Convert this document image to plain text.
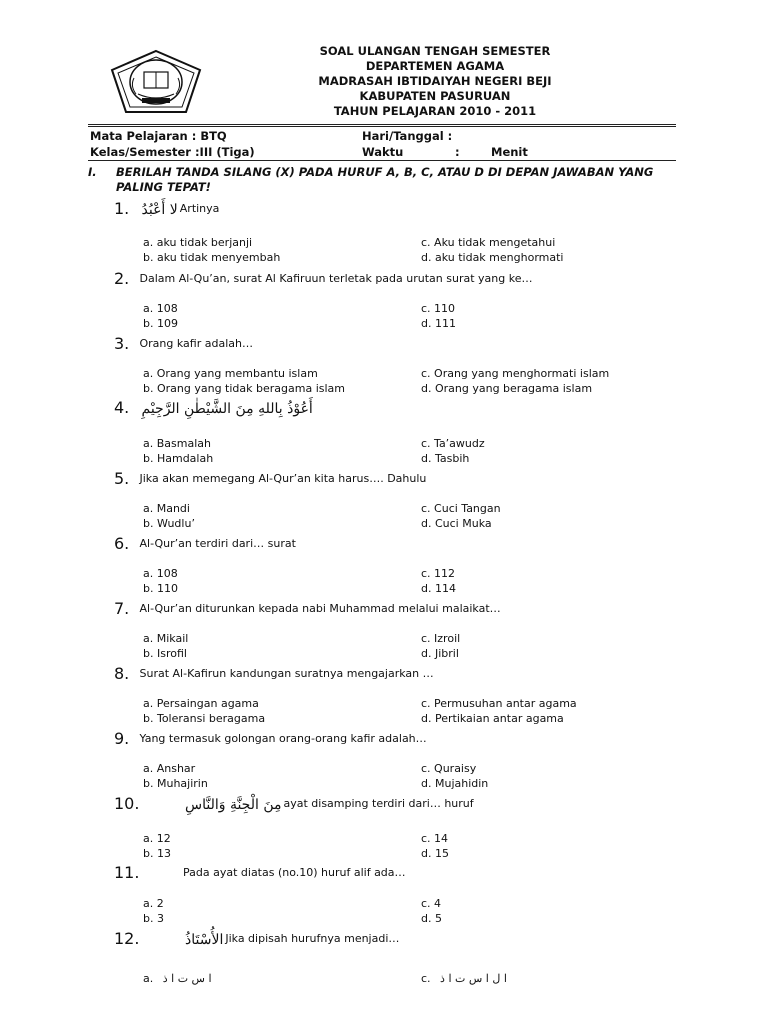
SOAL ULANGAN TENGAH SEMESTER
DEPARTEMEN AGAMA
MADRASAH IBTIDAIYAH NEGERI BEJI
KABUPATEN PASURUAN
TAHUN PELAJARAN 2010 - 2011
Mata Pelajaran : BTQ
Kelas/Semester :III (Tiga)
Hari/Tanggal :
Waktu	:	Menit
I.	BERILAH TANDA SILANG (X) PADA HURUF A, B, C, ATAU D DI DEPAN JAWABAN YANG PALING TEPAT!
1. لا أَعْبُدُ Artinya
a. aku tidak berjanji
b. aku tidak menyembah
c. Aku tidak mengetahui
d. aku tidak menghormati
2. Dalam Al-Qu’an, surat Al Kafiruun terletak pada urutan surat yang ke…
a. 108
b. 109
c. 110
d. 111
3. Orang kafir adalah…
a. Orang yang membantu islam
b. Orang yang tidak beragama islam
c. Orang yang menghormati islam
d. Orang yang beragama islam
4. أَعُوْذُ بِاللهِ مِنَ الشَّيْطٰنِ الرَّجِيْمِ
a. Basmalah
b. Hamdalah
c. Ta’awudz
d. Tasbih
5. Jika akan memegang Al-Qur’an kita harus…. Dahulu
a. Mandi
b. Wudlu’
c. Cuci Tangan
d. Cuci Muka
6. Al-Qur’an terdiri dari… surat
a. 108
b. 110
c. 112
d. 114
7. Al-Qur’an diturunkan kepada nabi Muhammad melalui malaikat…
a. Mikail
b. Isrofil
c. Izroil
d. Jibril
8. Surat Al-Kafirun kandungan suratnya mengajarkan …
a. Persaingan agama
b. Toleransi beragama
c. Permusuhan antar agama
d. Pertikaian antar agama
9. Yang termasuk golongan orang-orang kafir adalah…
a. Anshar
b. Muhajirin
c. Quraisy
d. Mujahidin
10.	مِنَ الْجِنَّةِ وَالنَّاسِ ayat disamping terdiri dari… huruf
a. 12
b. 13
c. 14
d. 15
11.	Pada ayat diatas (no.10) huruf alif ada…
a. 2
b. 3
c. 4
d. 5
12.	الأُسْتَاذُ Jika dipisah hurufnya menjadi…
a. ا س ت ا ذ	c. ا ل ا س ت ا ذ
